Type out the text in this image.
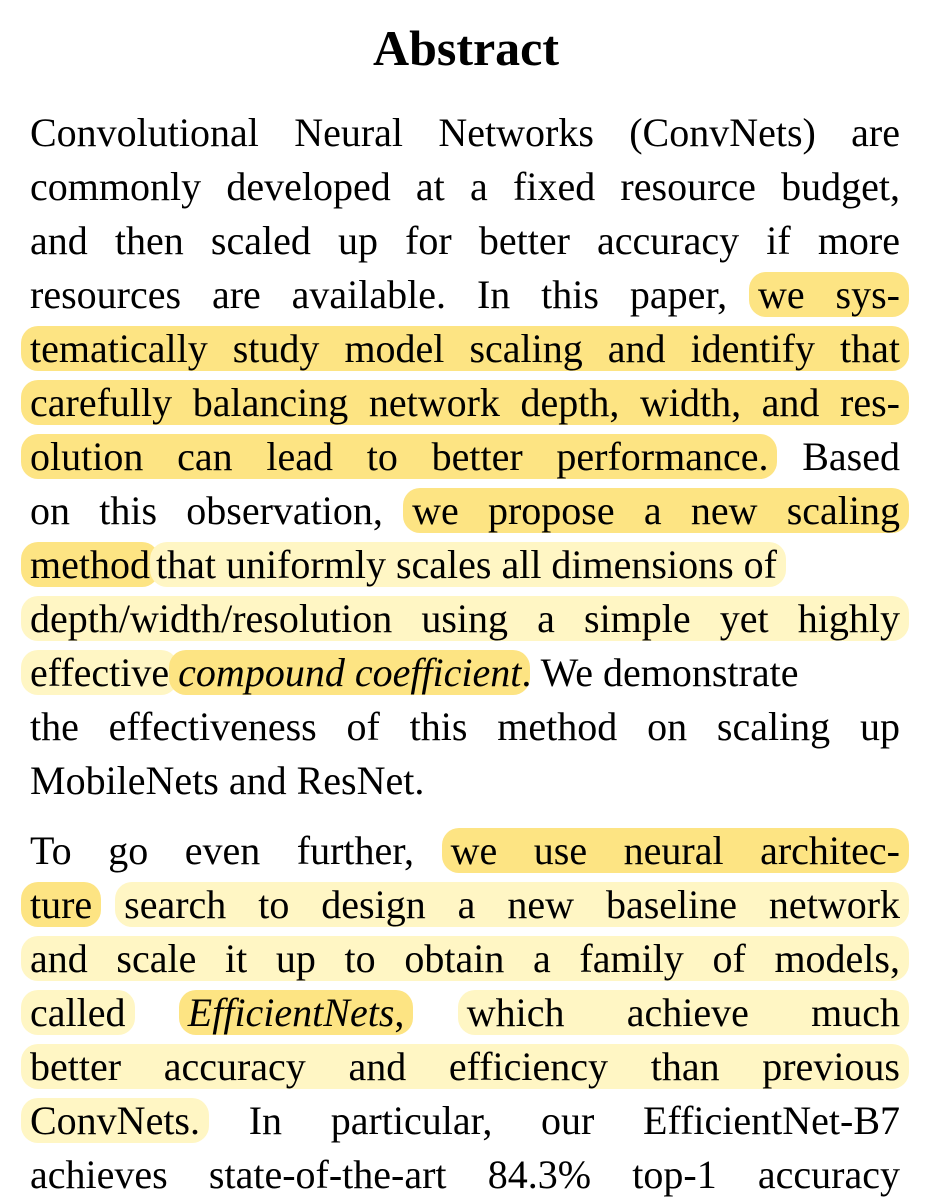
Abstract
Convolutional Neural Networks (ConvNets) are
commonly developed at a fixed resource budget,
and then scaled up for better accuracy if more
resources are available. In this paper, we sys-
tematically study model scaling and identify that
carefully balancing network depth, width, and res-
olution can lead to better performance. Based
on this observation, we propose a new scaling
method that uniformly scales all dimensions of
depth/width/resolution using a simple yet highly
effective compound coefficient. We demonstrate
the effectiveness of this method on scaling up
MobileNets and ResNet.
To go even further, we use neural architec-
ture search to design a new baseline network
and scale it up to obtain a family of models,
called EfficientNets, which achieve much
better accuracy and efficiency than previous
ConvNets. In particular, our EfficientNet-B7
achieves state-of-the-art 84.3% top-1 accuracy
